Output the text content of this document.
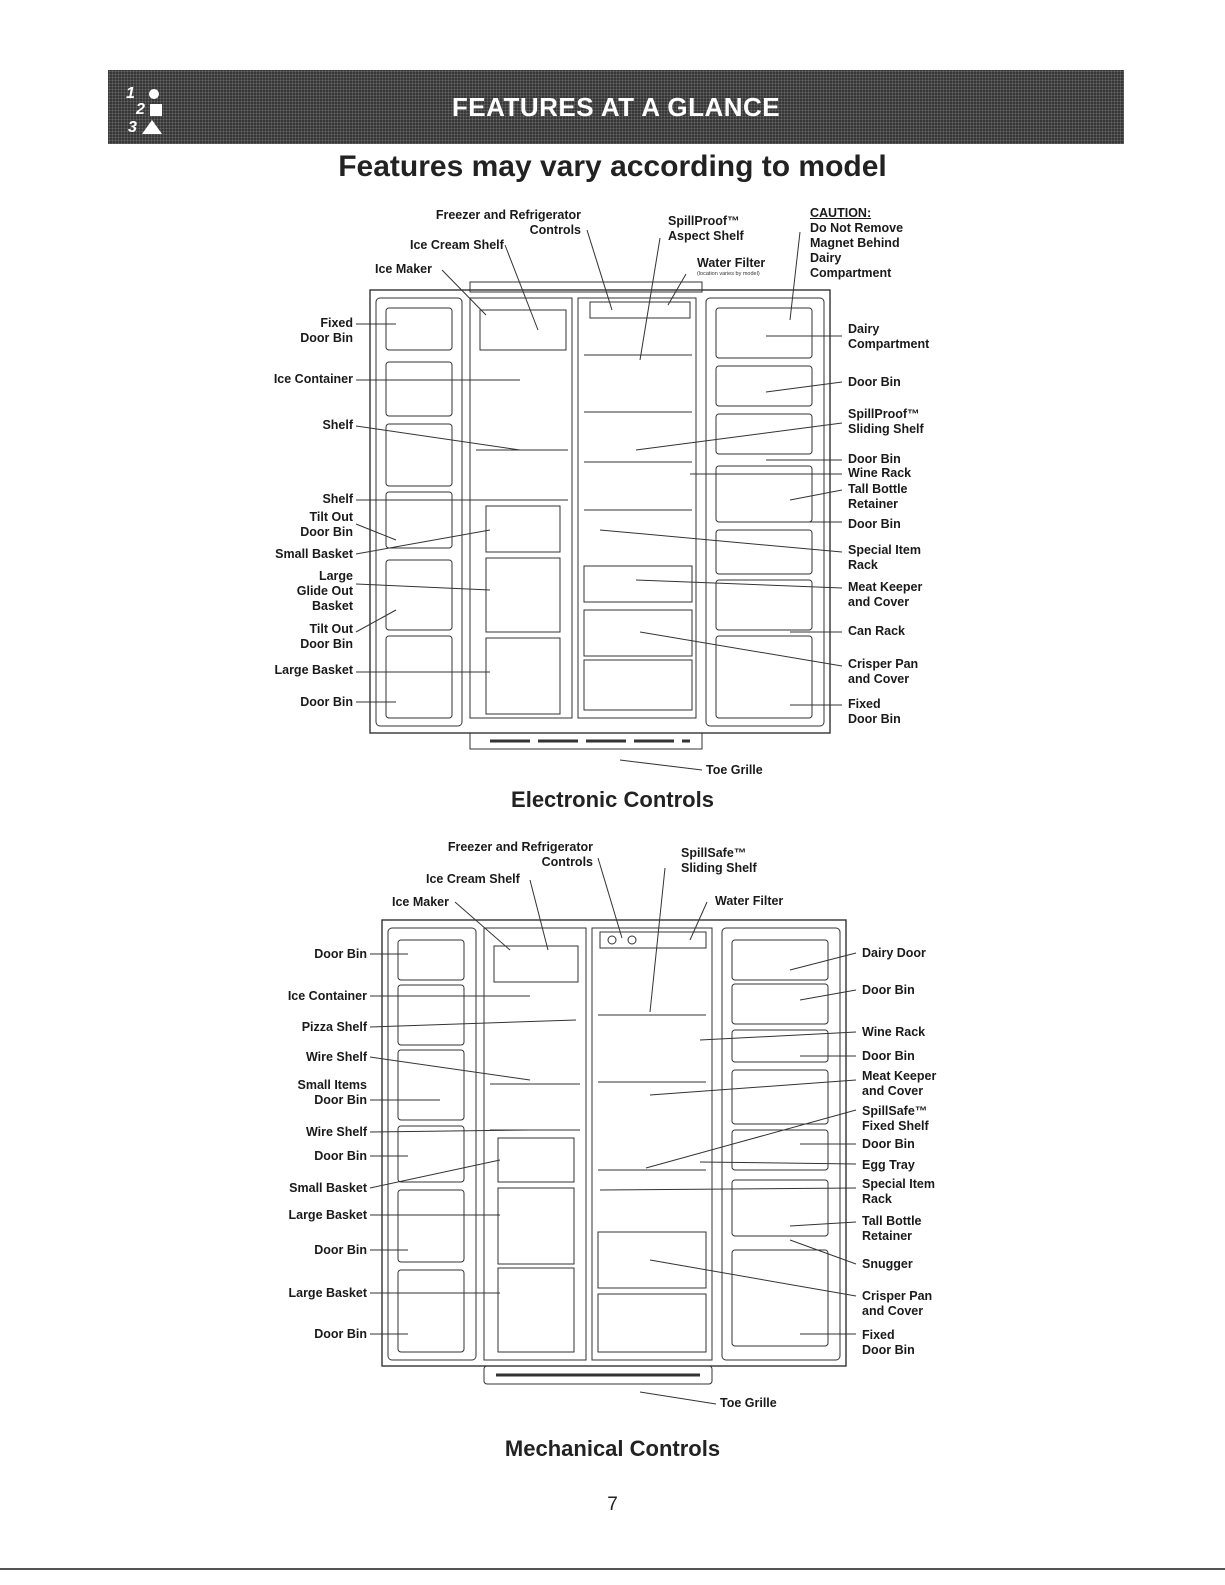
FEATURES AT A GLANCE
1
2
3
Features may vary according to model
Freezer and Refrigerator
Controls
Ice Cream Shelf
Ice Maker
SpillProof™
Aspect Shelf
Water Filter
(location varies by model)
CAUTION:
Do Not Remove
Magnet Behind
Dairy
Compartment
Fixed
Door Bin
Ice Container
Shelf
Shelf
Tilt Out
Door Bin
Small Basket
Large
Glide Out
Basket
Tilt Out
Door Bin
Large Basket
Door Bin
Dairy
Compartment
Door Bin
SpillProof™
Sliding Shelf
Door Bin
Wine Rack
Tall Bottle
Retainer
Door Bin
Special Item
Rack
Meat Keeper
and Cover
Can Rack
Crisper Pan
and Cover
Fixed
Door Bin
Toe Grille
Electronic Controls
Freezer and Refrigerator
Controls
Ice Cream Shelf
Ice Maker
SpillSafe™
Sliding Shelf
Water Filter
Door Bin
Ice Container
Pizza Shelf
Wire Shelf
Small Items
Door Bin
Wire Shelf
Door Bin
Small Basket
Large Basket
Door Bin
Large Basket
Door Bin
Dairy Door
Door Bin
Wine Rack
Door Bin
Meat Keeper
and Cover
SpillSafe™
Fixed Shelf
Door Bin
Egg Tray
Special Item
Rack
Tall Bottle
Retainer
Snugger
Crisper Pan
and Cover
Fixed
Door Bin
Toe Grille
Mechanical Controls
7
